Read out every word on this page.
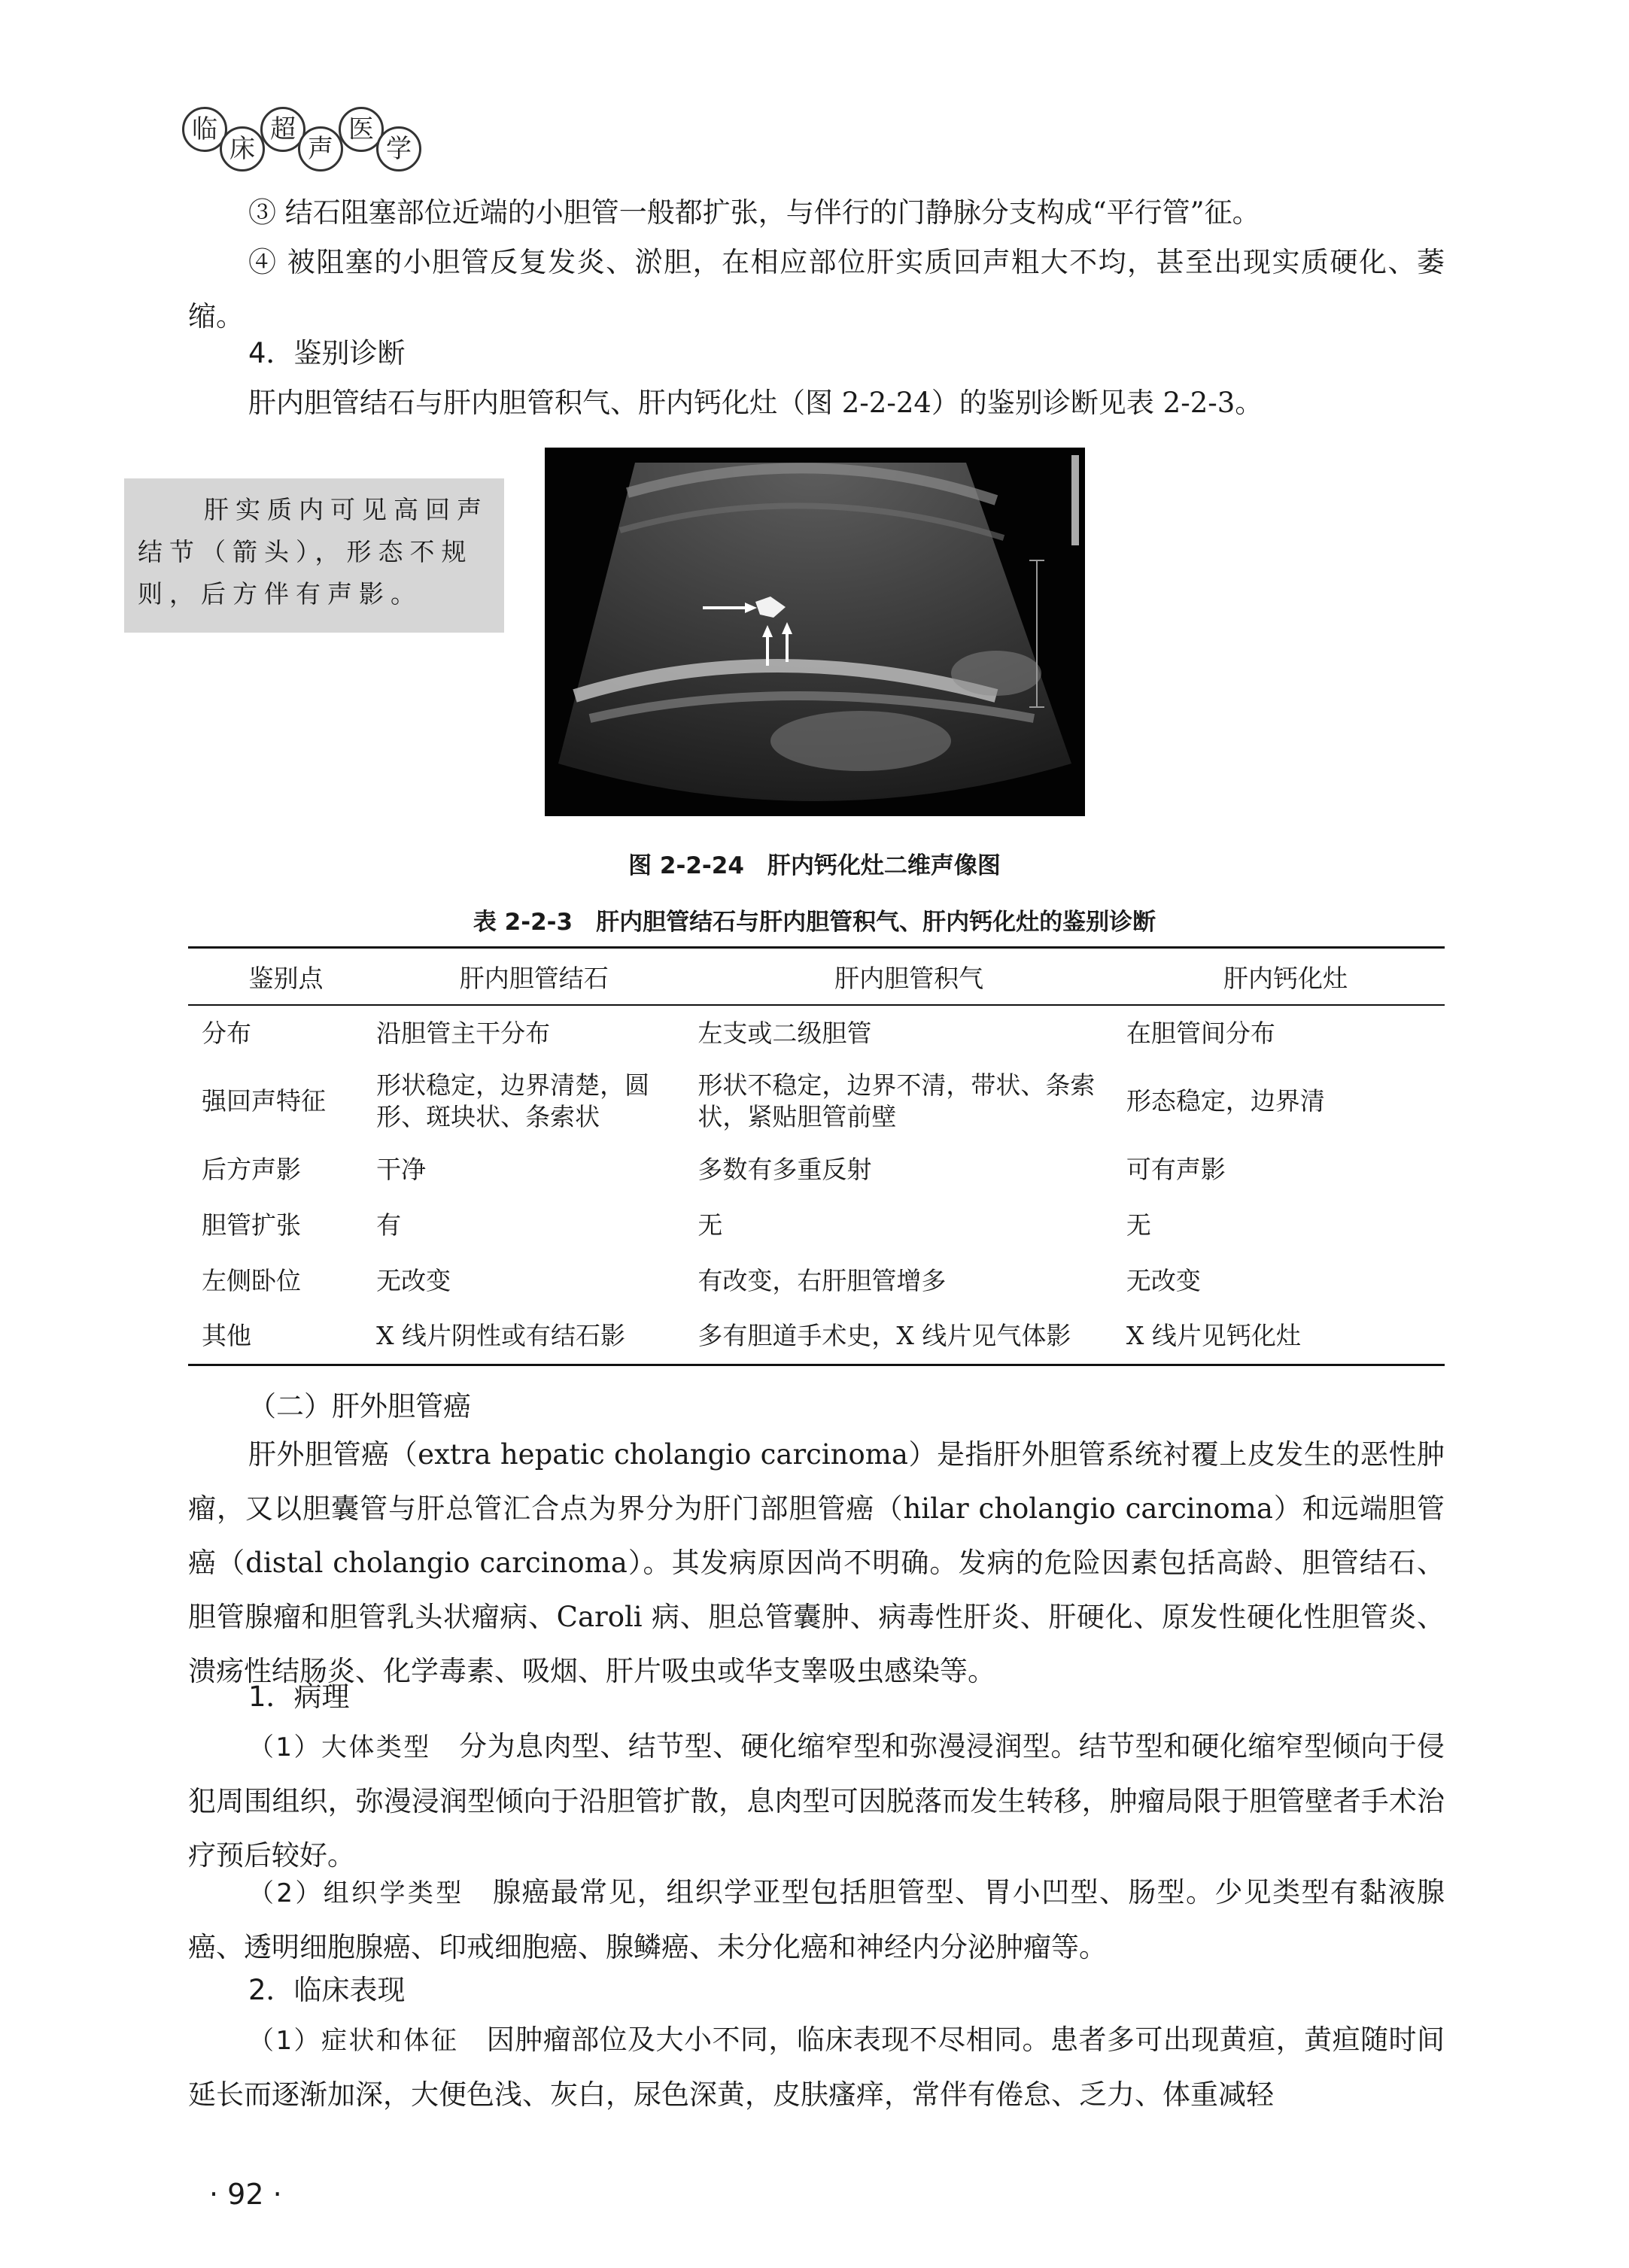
临
床
超
声
医
学
③ 结石阻塞部位近端的小胆管一般都扩张，与伴行的门静脉分支构成“平行管”征。
④ 被阻塞的小胆管反复发炎、淤胆，在相应部位肝实质回声粗大不均，甚至出现实质硬化、萎缩。
4．鉴别诊断
肝内胆管结石与肝内胆管积气、肝内钙化灶（图 2-2-24）的鉴别诊断见表 2-2-3。
肝实质内可见高回声结节（箭头），形态不规则，后方伴有声影。
图 2-2-24　肝内钙化灶二维声像图
表 2-2-3　肝内胆管结石与肝内胆管积气、肝内钙化灶的鉴别诊断
鉴别点	肝内胆管结石	肝内胆管积气	肝内钙化灶
分布	沿胆管主干分布	左支或二级胆管	在胆管间分布
强回声特征	形状稳定，边界清楚，圆形、斑块状、条索状	形状不稳定，边界不清，带状、条索状，紧贴胆管前壁	形态稳定，边界清
后方声影	干净	多数有多重反射	可有声影
胆管扩张	有	无	无
左侧卧位	无改变	有改变，右肝胆管增多	无改变
其他	X 线片阴性或有结石影	多有胆道手术史，X 线片见气体影	X 线片见钙化灶
（二）肝外胆管癌
肝外胆管癌（extra hepatic cholangio carcinoma）是指肝外胆管系统衬覆上皮发生的恶性肿瘤，又以胆囊管与肝总管汇合点为界分为肝门部胆管癌（hilar cholangio carcinoma）和远端胆管癌（distal cholangio carcinoma）。其发病原因尚不明确。发病的危险因素包括高龄、胆管结石、胆管腺瘤和胆管乳头状瘤病、Caroli 病、胆总管囊肿、病毒性肝炎、肝硬化、原发性硬化性胆管炎、溃疡性结肠炎、化学毒素、吸烟、肝片吸虫或华支睾吸虫感染等。
1．病理
（1）大体类型　分为息肉型、结节型、硬化缩窄型和弥漫浸润型。结节型和硬化缩窄型倾向于侵犯周围组织，弥漫浸润型倾向于沿胆管扩散，息肉型可因脱落而发生转移，肿瘤局限于胆管壁者手术治疗预后较好。
（2）组织学类型　腺癌最常见，组织学亚型包括胆管型、胃小凹型、肠型。少见类型有黏液腺癌、透明细胞腺癌、印戒细胞癌、腺鳞癌、未分化癌和神经内分泌肿瘤等。
2．临床表现
（1）症状和体征　因肿瘤部位及大小不同，临床表现不尽相同。患者多可出现黄疸，黄疸随时间延长而逐渐加深，大便色浅、灰白，尿色深黄，皮肤瘙痒，常伴有倦怠、乏力、体重减轻
· 92 ·
